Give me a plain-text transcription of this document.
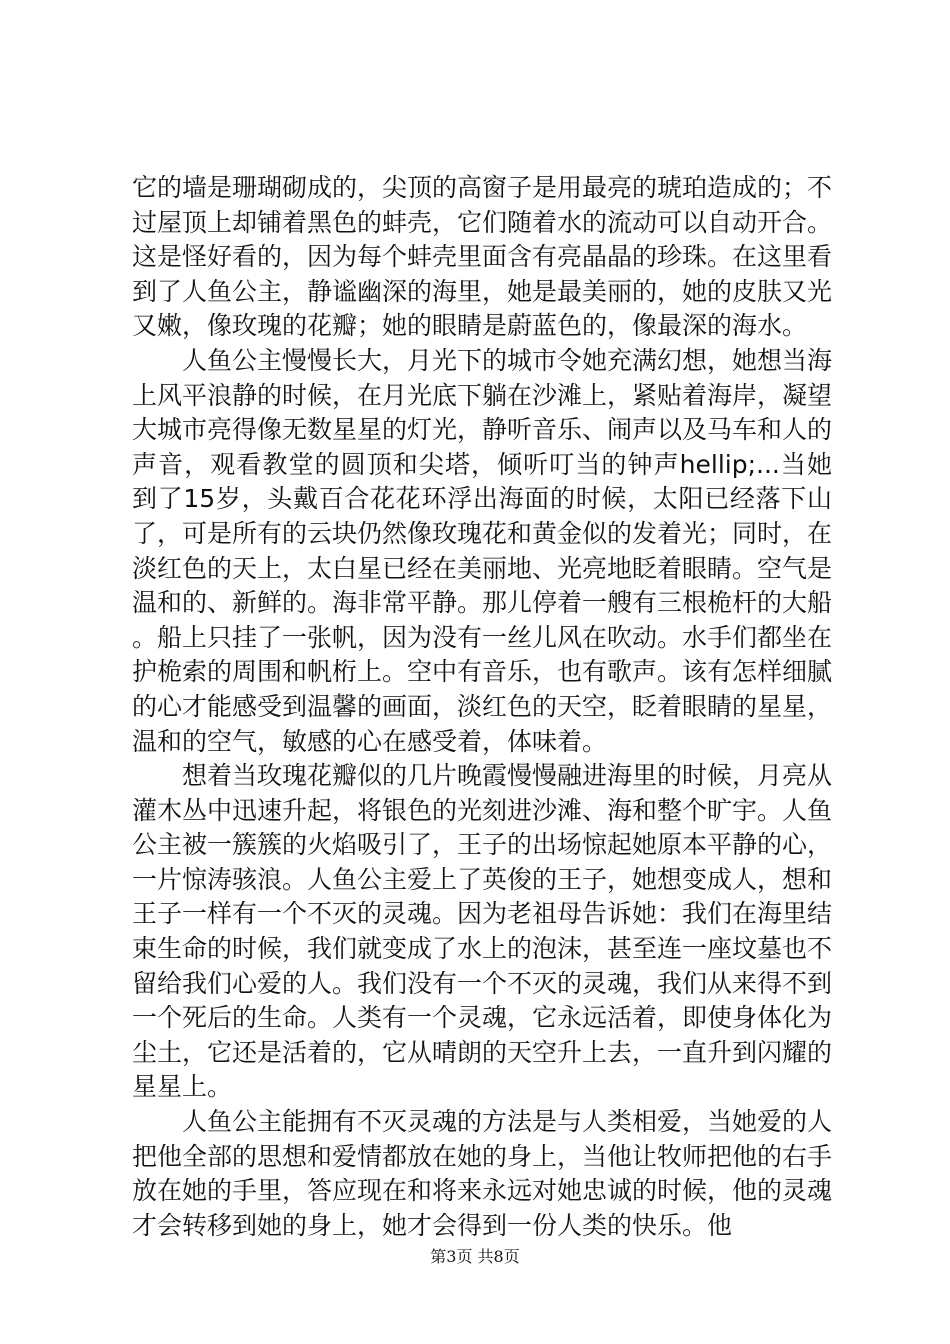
它的墙是珊瑚砌成的，尖顶的高窗子是用最亮的琥珀造成的；不过屋顶上却铺着黑色的蚌壳，它们随着水的流动可以自动开合。这是怪好看的，因为每个蚌壳里面含有亮晶晶的珍珠。在这里看到了人鱼公主，静谧幽深的海里，她是最美丽的，她的皮肤又光又嫩，像玫瑰的花瓣；她的眼睛是蔚蓝色的，像最深的海水。

人鱼公主慢慢长大，月光下的城市令她充满幻想，她想当海上风平浪静的时候，在月光底下躺在沙滩上，紧贴着海岸，凝望大城市亮得像无数星星的灯光，静听音乐、闹声以及马车和人的声音，观看教堂的圆顶和尖塔，倾听叮当的钟声hellip;...当她到了15岁，头戴百合花花环浮出海面的时候，太阳已经落下山了，可是所有的云块仍然像玫瑰花和黄金似的发着光；同时，在淡红色的天上，太白星已经在美丽地、光亮地眨着眼睛。空气是温和的、新鲜的。海非常平静。那儿停着一艘有三根桅杆的大船。船上只挂了一张帆，因为没有一丝儿风在吹动。水手们都坐在护桅索的周围和帆桁上。空中有音乐，也有歌声。该有怎样细腻的心才能感受到温馨的画面，淡红色的天空，眨着眼睛的星星，温和的空气，敏感的心在感受着，体味着。

想着当玫瑰花瓣似的几片晚霞慢慢融进海里的时候，月亮从灌木丛中迅速升起，将银色的光刻进沙滩、海和整个旷宇。人鱼公主被一簇簇的火焰吸引了，王子的出场惊起她原本平静的心，一片惊涛骇浪。人鱼公主爱上了英俊的王子，她想变成人，想和王子一样有一个不灭的灵魂。因为老祖母告诉她：我们在海里结束生命的时候，我们就变成了水上的泡沫，甚至连一座坟墓也不留给我们心爱的人。我们没有一个不灭的灵魂，我们从来得不到一个死后的生命。人类有一个灵魂，它永远活着，即使身体化为尘土，它还是活着的，它从晴朗的天空升上去，一直升到闪耀的星星上。

人鱼公主能拥有不灭灵魂的方法是与人类相爱，当她爱的人把他全部的思想和爱情都放在她的身上，当他让牧师把他的右手放在她的手里，答应现在和将来永远对她忠诚的时候，他的灵魂才会转移到她的身上，她才会得到一份人类的快乐。他

第3页 共8页
